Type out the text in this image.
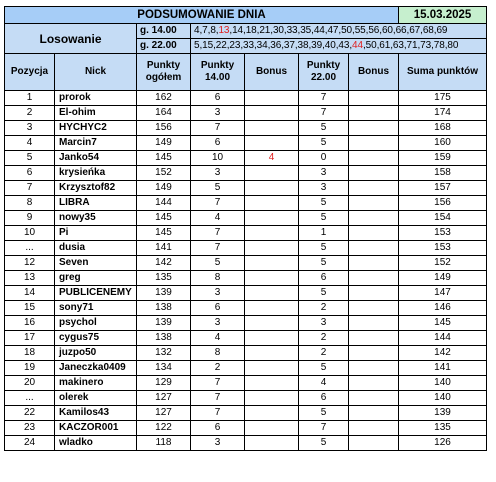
PODSUMOWANIE DNIA							15.03.2025
Losowanie		g. 14.00	4,7,8,13,14,18,21,30,33,35,44,47,50,55,56,60,66,67,68,69				
		g. 22.00	5,15,22,23,33,34,36,37,38,39,40,43,44,50,61,63,71,73,78,80				
Pozycja	Nick	Punkty ogółem	Punkty 14.00	Bonus	Punkty 22.00	Bonus	Suma punktów
1	prorok	162	6		7		175
2	El-ohim	164	3		7		174
3	HYCHYC2	156	7		5		168
4	Marcin7	149	6		5		160
5	Janko54	145	10	4	0		159
6	krysieńka	152	3		3		158
7	Krzysztof82	149	5		3		157
8	LIBRA	144	7		5		156
9	nowy35	145	4		5		154
10	Pi	145	7		1		153
...	dusia	141	7		5		153
12	Seven	142	5		5		152
13	greg	135	8		6		149
14	PUBLICENEMY	139	3		5		147
15	sony71	138	6		2		146
16	psychol	139	3		3		145
17	cygus75	138	4		2		144
18	juzpo50	132	8		2		142
19	Janeczka0409	134	2		5		141
20	makinero	129	7		4		140
...	olerek	127	7		6		140
22	Kamilos43	127	7		5		139
23	KACZOR001	122	6		7		135
24	wladko	118	3		5		126
